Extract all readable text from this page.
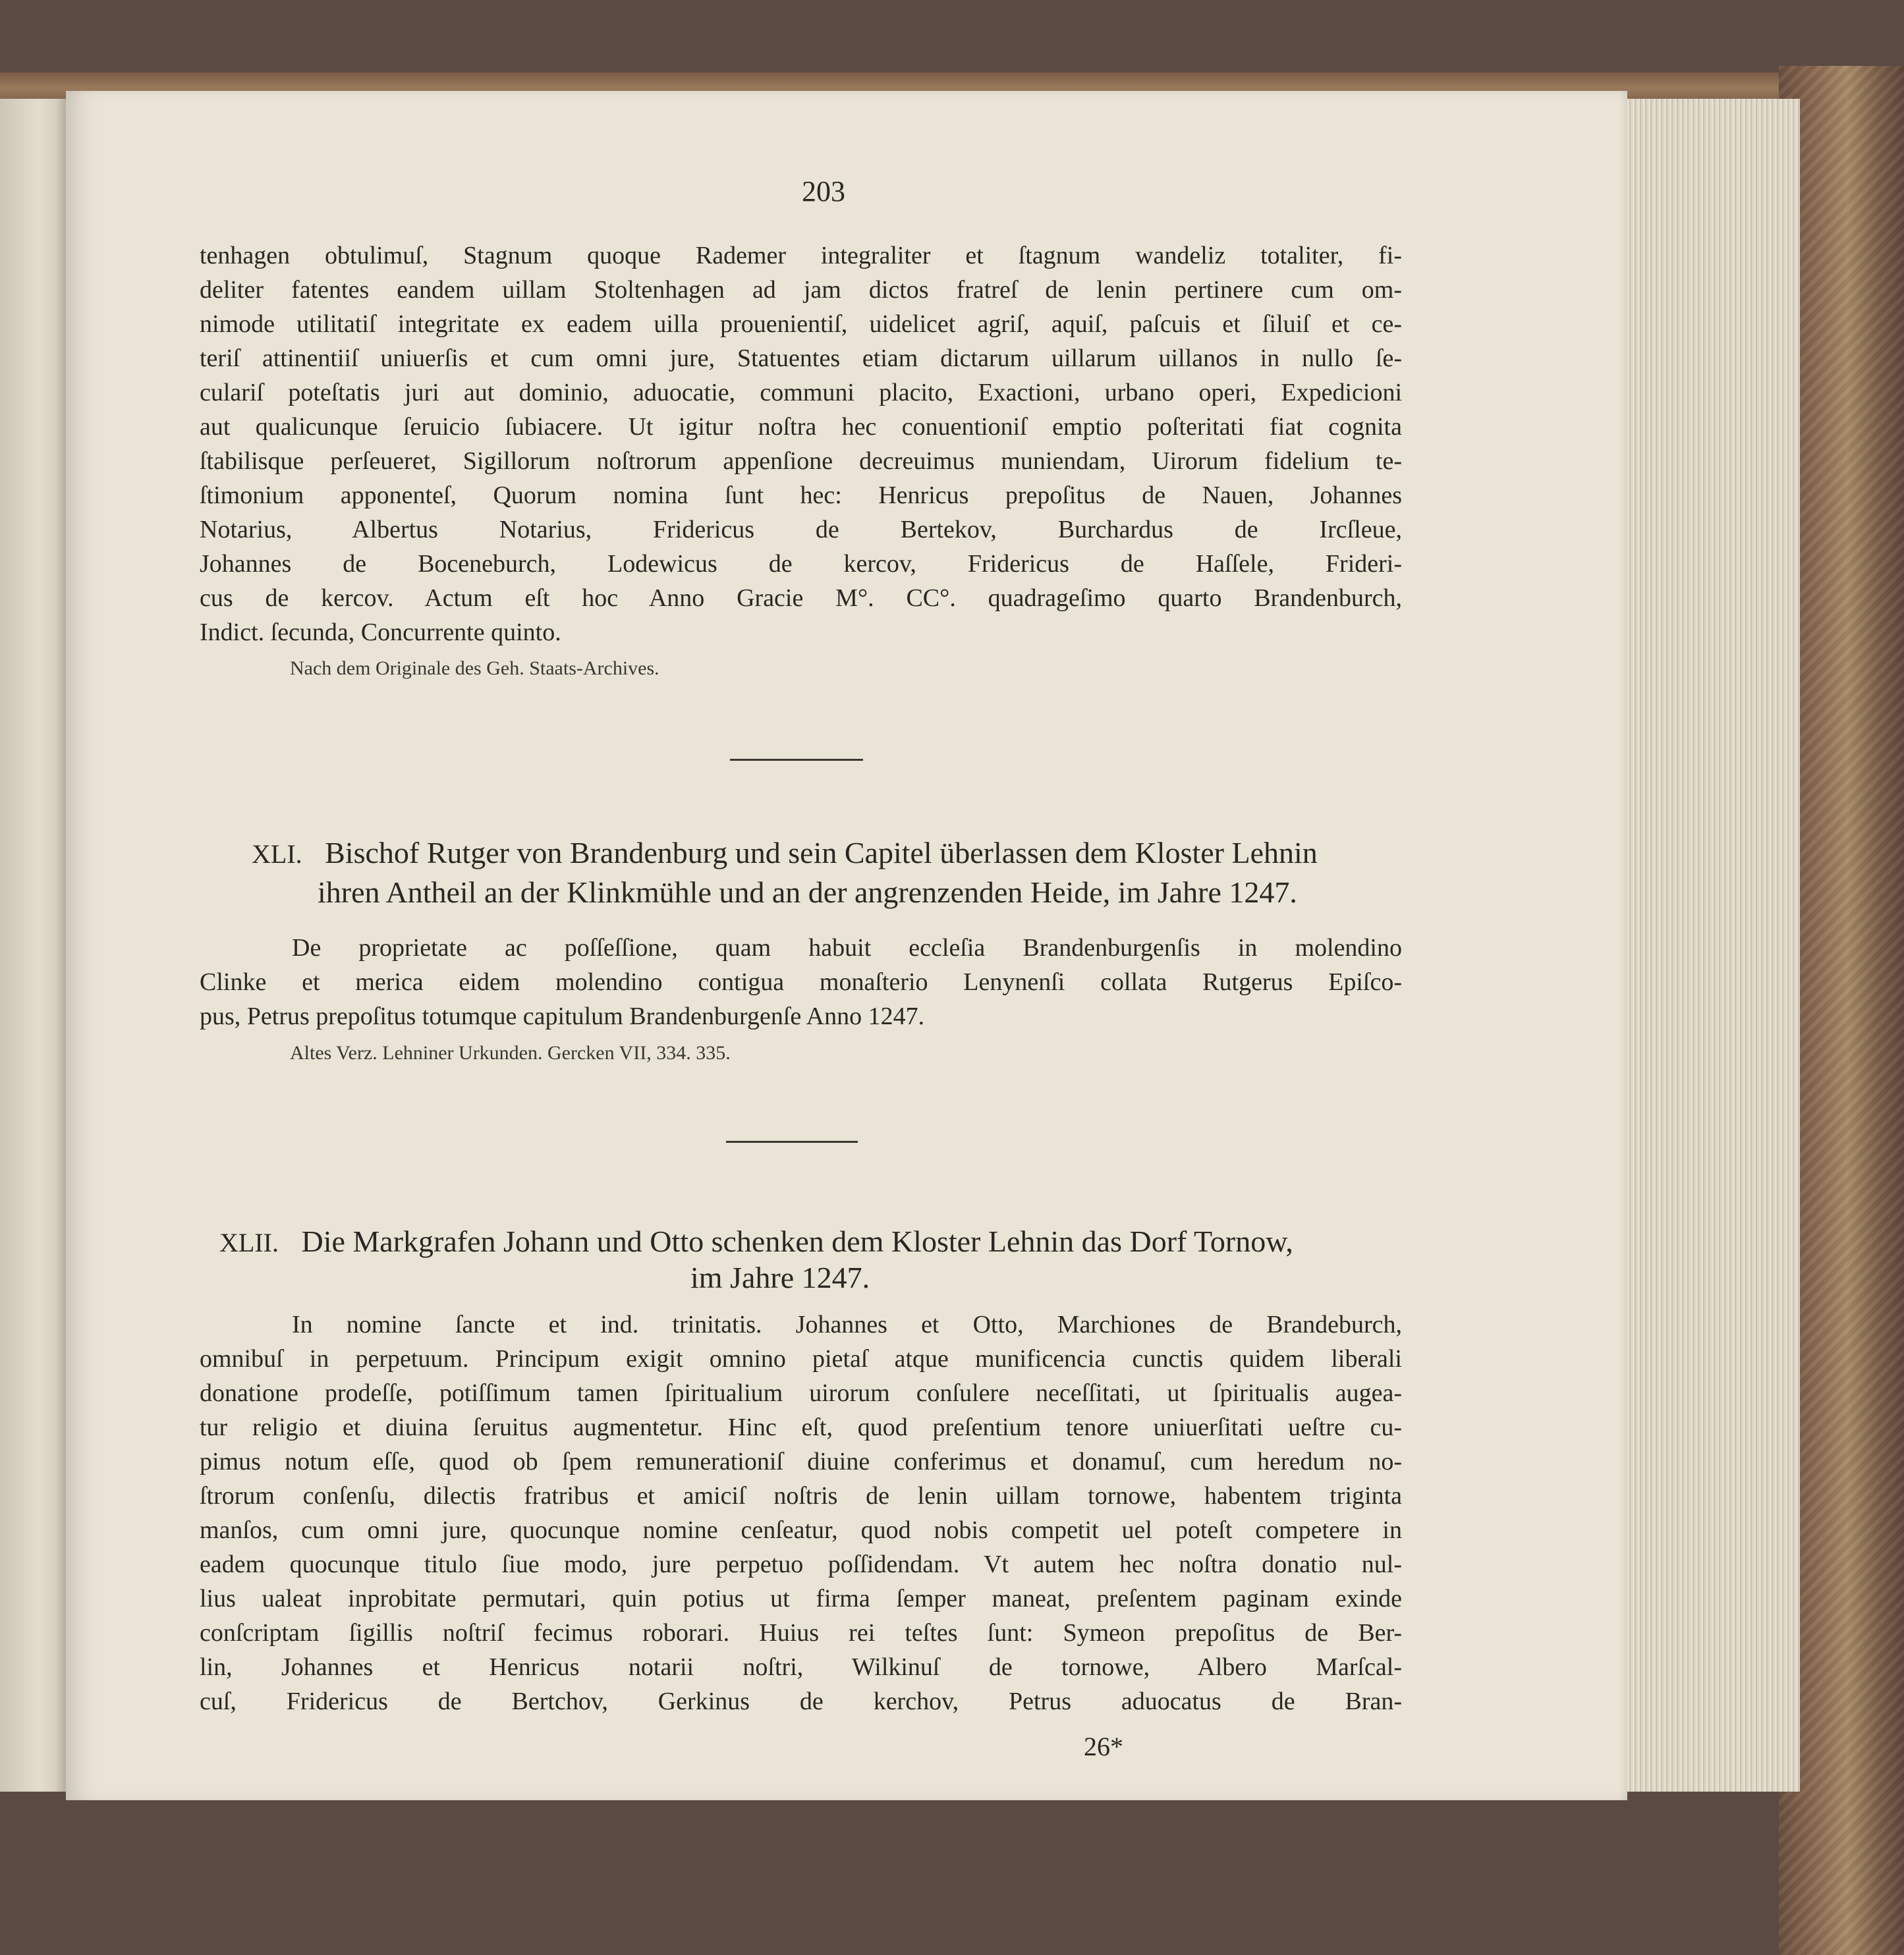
203
tenhagen obtulimuſ, Stagnum quoque Rademer integraliter et ſtagnum wandeliz totaliter, fi-
deliter fatentes eandem uillam Stoltenhagen ad jam dictos fratreſ de lenin pertinere cum om-
nimode utilitatiſ integritate ex eadem uilla prouenientiſ, uidelicet agriſ, aquiſ, paſcuis et ſiluiſ et ce-
teriſ attinentiiſ uniuerſis et cum omni jure, Statuentes etiam dictarum uillarum uillanos in nullo ſe-
culariſ poteſtatis juri aut dominio, aduocatie, communi placito, Exactioni, urbano operi, Expedicioni
aut qualicunque ſeruicio ſubiacere. Ut igitur noſtra hec conuentioniſ emptio poſteritati fiat cognita
ſtabilisque perſeueret, Sigillorum noſtrorum appenſione decreuimus muniendam, Uirorum fidelium te-
ſtimonium apponenteſ, Quorum nomina ſunt hec: Henricus prepoſitus de Nauen, Johannes
Notarius, Albertus Notarius, Fridericus de Bertekov, Burchardus de Ircſleue,
Johannes de Boceneburch, Lodewicus de kercov, Fridericus de Haſſele, Frideri-
cus de kercov. Actum eſt hoc Anno Gracie M°. CC°. quadrageſimo quarto Brandenburch,
Indict. ſecunda, Concurrente quinto.
Nach dem Originale des Geh. Staats-Archives.
XLI. Bischof Rutger von Brandenburg und sein Capitel überlassen dem Kloster Lehnin
ihren Antheil an der Klinkmühle und an der angrenzenden Heide, im Jahre 1247.
De proprietate ac poſſeſſione, quam habuit eccleſia Brandenburgenſis in molendino
Clinke et merica eidem molendino contigua monaſterio Lenynenſi collata Rutgerus Epiſco-
pus, Petrus prepoſitus totumque capitulum Brandenburgenſe Anno 1247.
Altes Verz. Lehniner Urkunden. Gercken VII, 334. 335.
XLII. Die Markgrafen Johann und Otto schenken dem Kloster Lehnin das Dorf Tornow,
im Jahre 1247.
In nomine ſancte et ind. trinitatis. Johannes et Otto, Marchiones de Brandeburch,
omnibuſ in perpetuum. Principum exigit omnino pietaſ atque munificencia cunctis quidem liberali
donatione prodeſſe, potiſſimum tamen ſpiritualium uirorum conſulere neceſſitati, ut ſpiritualis augea-
tur religio et diuina ſeruitus augmentetur. Hinc eſt, quod preſentium tenore uniuerſitati ueſtre cu-
pimus notum eſſe, quod ob ſpem remunerationiſ diuine conferimus et donamuſ, cum heredum no-
ſtrorum conſenſu, dilectis fratribus et amiciſ noſtris de lenin uillam tornowe, habentem triginta
manſos, cum omni jure, quocunque nomine cenſeatur, quod nobis competit uel poteſt competere in
eadem quocunque titulo ſiue modo, jure perpetuo poſſidendam. Vt autem hec noſtra donatio nul-
lius ualeat inprobitate permutari, quin potius ut firma ſemper maneat, preſentem paginam exinde
conſcriptam ſigillis noſtriſ fecimus roborari. Huius rei teſtes ſunt: Symeon prepoſitus de Ber-
lin, Johannes et Henricus notarii noſtri, Wilkinuſ de tornowe, Albero Marſcal-
cuſ, Fridericus de Bertchov, Gerkinus de kerchov, Petrus aduocatus de Bran-
26*
